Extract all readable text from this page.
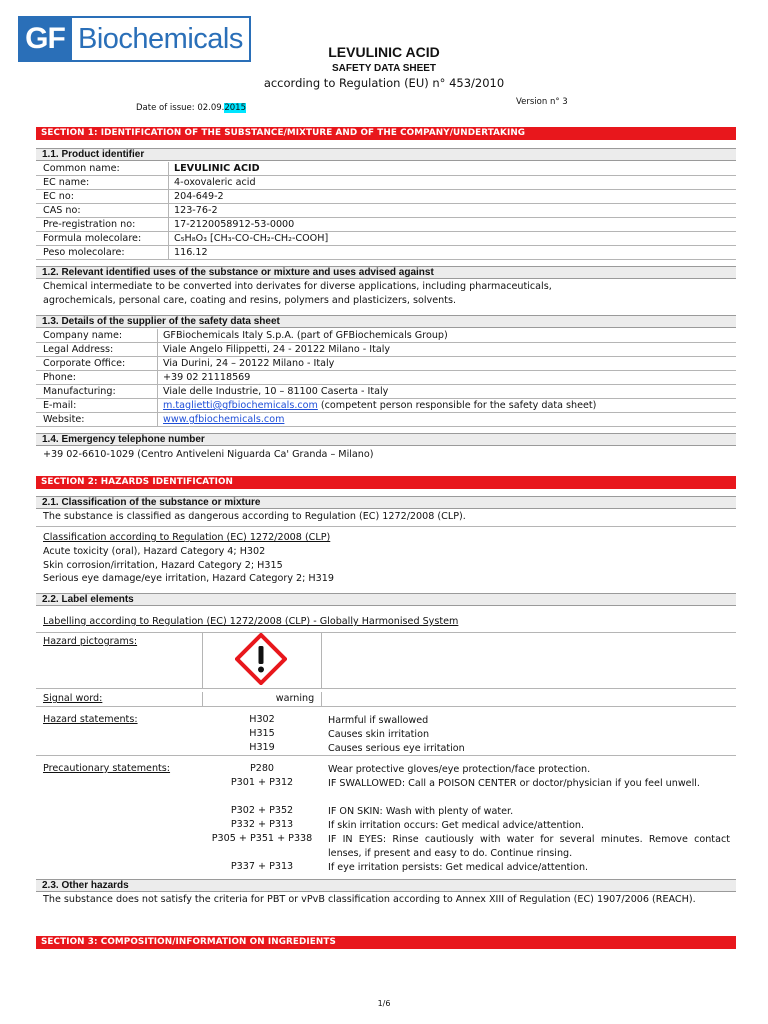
GF Biochemicals	LEVULINIC ACID
SAFETY DATA SHEET
according to Regulation (EU) n° 453/2010
Date of issue: 02.09.2015
Version n° 3
SECTION 1: IDENTIFICATION OF THE SUBSTANCE/MIXTURE AND OF THE COMPANY/UNDERTAKING
1.1. Product identifier
Common name:	LEVULINIC ACID
EC name:	4-oxovaleric acid
EC no:	204-649-2
CAS no:	123-76-2
Pre-registration no:	17-2120058912-53-0000
Formula molecolare:	C₅H₈O₃ [CH₃-CO-CH₂-CH₂-COOH]
Peso molecolare:	116.12
1.2. Relevant identified uses of the substance or mixture and uses advised against
Chemical intermediate to be converted into derivates for diverse applications, including pharmaceuticals,
agrochemicals, personal care, coating and resins, polymers and plasticizers, solvents.
1.3. Details of the supplier of the safety data sheet
Company name:	GFBiochemicals Italy S.p.A. (part of GFBiochemicals Group)
Legal Address:	Viale Angelo Filippetti, 24 - 20122 Milano - Italy
Corporate Office:	Via Durini, 24 – 20122 Milano - Italy
Phone:	+39 02 21118569
Manufacturing:	Viale delle Industrie, 10 – 81100 Caserta - Italy
E-mail:	m.taglietti@gfbiochemicals.com (competent person responsible for the safety data sheet)
Website:	www.gfbiochemicals.com
1.4. Emergency telephone number
+39 02-6610-1029 (Centro Antiveleni Niguarda Ca' Granda – Milano)
SECTION 2: HAZARDS IDENTIFICATION
2.1. Classification of the substance or mixture
The substance is classified as dangerous according to Regulation (EC) 1272/2008 (CLP).
Classification according to Regulation (EC) 1272/2008 (CLP)
Acute toxicity (oral), Hazard Category 4; H302
Skin corrosion/irritation, Hazard Category 2; H315
Serious eye damage/eye irritation, Hazard Category 2; H319
2.2. Label elements
Labelling according to Regulation (EC) 1272/2008 (CLP) - Globally Harmonised System
Hazard pictograms:
Signal word:	warning
Hazard statements:	H302	Harmful if swallowed
H315	Causes skin irritation
H319	Causes serious eye irritation
Precautionary statements:	P280	Wear protective gloves/eye protection/face protection.
P301 + P312	IF SWALLOWED: Call a POISON CENTER or doctor/physician if you feel unwell.
P302 + P352	IF ON SKIN: Wash with plenty of water.
P332 + P313	If skin irritation occurs: Get medical advice/attention.
P305 + P351 + P338	IF IN EYES: Rinse cautiously with water for several minutes. Remove contact lenses, if present and easy to do. Continue rinsing.
P337 + P313	If eye irritation persists: Get medical advice/attention.
2.3. Other hazards
The substance does not satisfy the criteria for PBT or vPvB classification according to Annex XIII of Regulation (EC) 1907/2006 (REACH).
SECTION 3: COMPOSITION/INFORMATION ON INGREDIENTS
1/6
